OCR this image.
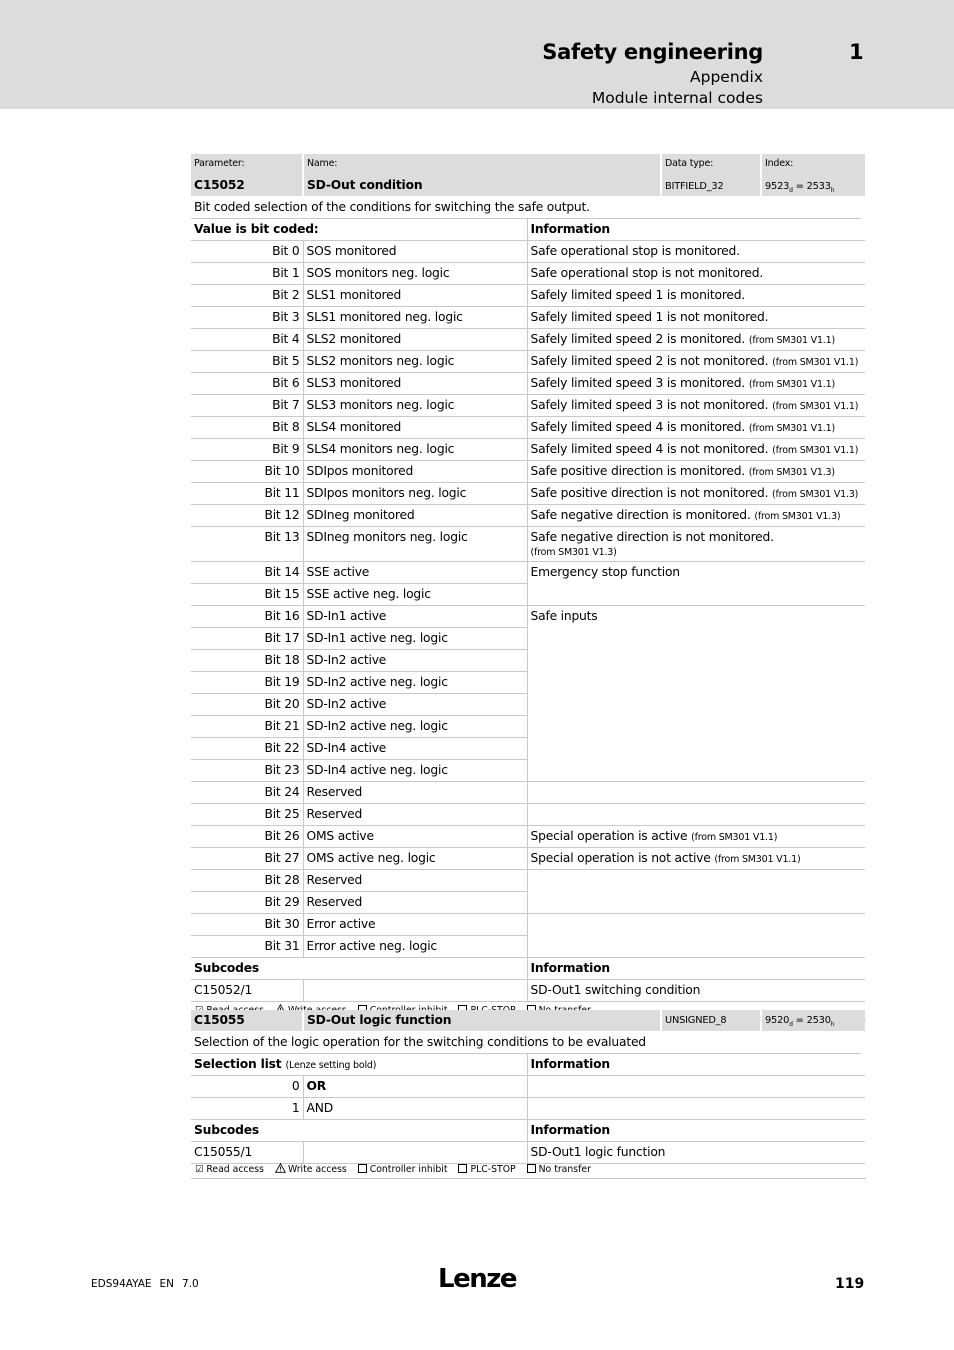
Safety engineering	1
Appendix
Module internal codes
Parameter:	Name:	Data type:	Index:
C15052	SD-Out condition	BITFIELD_32	$9523_d = 2533_h$
Bit coded selection of the conditions for switching the safe output.
Value is bit coded:		Information
Bit 0	SOS monitored	Safe operational stop is monitored.
Bit 1	SOS monitors neg. logic	Safe operational stop is not monitored.
Bit 2	SLS1 monitored	Safely limited speed 1 is monitored.
Bit 3	SLS1 monitored neg. logic	Safely limited speed 1 is not monitored.
Bit 4	SLS2 monitored	Safely limited speed 2 is monitored. (from SM301 V1.1)
Bit 5	SLS2 monitors neg. logic	Safely limited speed 2 is not monitored. (from SM301 V1.1)
Bit 6	SLS3 monitored	Safely limited speed 3 is monitored. (from SM301 V1.1)
Bit 7	SLS3 monitors neg. logic	Safely limited speed 3 is not monitored. (from SM301 V1.1)
Bit 8	SLS4 monitored	Safely limited speed 4 is monitored. (from SM301 V1.1)
Bit 9	SLS4 monitors neg. logic	Safely limited speed 4 is not monitored. (from SM301 V1.1)
Bit 10	SDIpos monitored	Safe positive direction is monitored. (from SM301 V1.3)
Bit 11	SDIpos monitors neg. logic	Safe positive direction is not monitored. (from SM301 V1.3)
Bit 12	SDIneg monitored	Safe negative direction is monitored. (from SM301 V1.3)
Bit 13	SDIneg monitors neg. logic	Safe negative direction is not monitored.
(from SM301 V1.3)
Bit 14	SSE active	Emergency stop function
Bit 15	SSE active neg. logic	
Bit 16	SD-In1 active	Safe inputs
Bit 17	SD-In1 active neg. logic	
Bit 18	SD-In2 active	
Bit 19	SD-In2 active neg. logic	
Bit 20	SD-In2 active	
Bit 21	SD-In2 active neg. logic	
Bit 22	SD-In4 active	
Bit 23	SD-In4 active neg. logic	
Bit 24	Reserved	
Bit 25	Reserved	
Bit 26	OMS active	Special operation is active (from SM301 V1.1)
Bit 27	OMS active neg. logic	Special operation is not active (from SM301 V1.1)
Bit 28	Reserved	
Bit 29	Reserved	
Bit 30	Error active	
Bit 31	Error active neg. logic	
Subcodes		Information
C15052/1		SD-Out1 switching condition

C15055	SD-Out logic function	UNSIGNED_8	$9520_d = 2530_h$
Selection of the logic operation for the switching conditions to be evaluated
Selection list (Lenze setting bold)		Information
0	OR	
1	AND	
Subcodes		Information
C15055/1		SD-Out1 logic function
☑ Read access	Write access Controller inhibit PLC-STOP No transfer
EDS94AYAE EN 7.0	Lenze	119
